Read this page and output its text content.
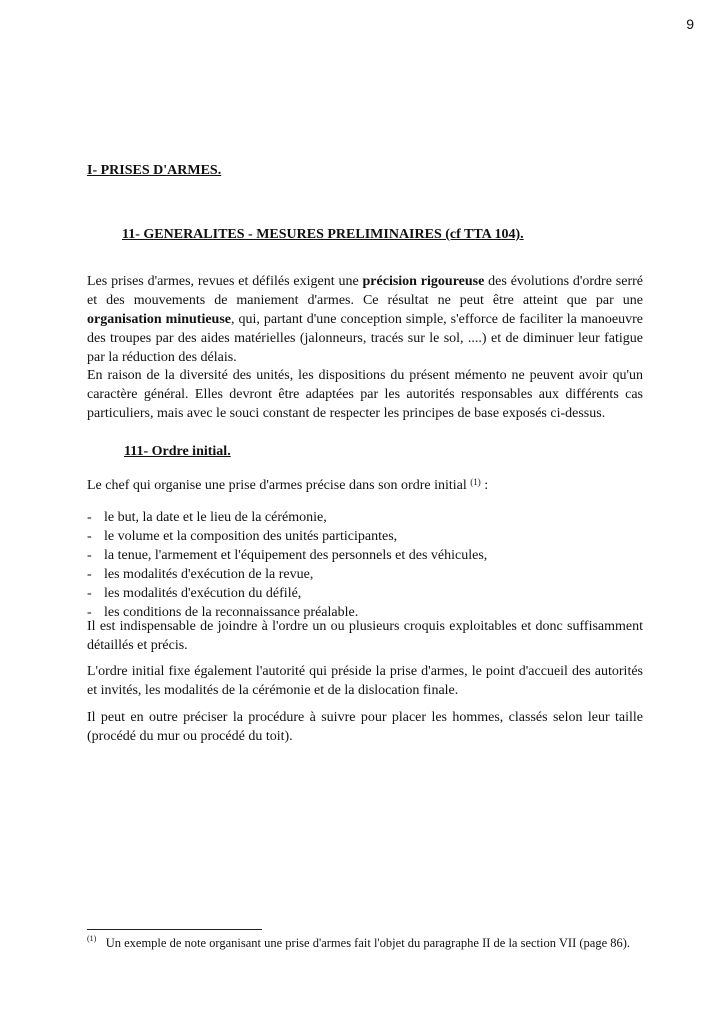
9
I- PRISES D'ARMES.
11- GENERALITES - MESURES PRELIMINAIRES (cf TTA 104).

Les prises d'armes, revues et défilés exigent une précision rigoureuse des évolutions d'ordre serré et des mouvements de maniement d'armes. Ce résultat ne peut être atteint que par une organisation minutieuse, qui, partant d'une conception simple, s'efforce de faciliter la manoeuvre des troupes par des aides matérielles (jalonneurs, tracés sur le sol, ....) et de diminuer leur fatigue par la réduction des délais.

En raison de la diversité des unités, les dispositions du présent mémento ne peuvent avoir qu'un caractère général. Elles devront être adaptées par les autorités responsables aux différents cas particuliers, mais avec le souci constant de respecter les principes de base exposés ci-dessus.

111- Ordre initial.

Le chef qui organise une prise d'armes précise dans son ordre initial $^{(1)}$ :

- le but, la date et le lieu de la cérémonie,
- le volume et la composition des unités participantes,
- la tenue, l'armement et l'équipement des personnels et des véhicules,
- les modalités d'exécution de la revue,
- les modalités d'exécution du défilé,
- les conditions de la reconnaissance préalable.

Il est indispensable de joindre à l'ordre un ou plusieurs croquis exploitables et donc suffisamment détaillés et précis.

L'ordre initial fixe également l'autorité qui préside la prise d'armes, le point d'accueil des autorités et invités, les modalités de la cérémonie et de la dislocation finale.

Il peut en outre préciser la procédure à suivre pour placer les hommes, classés selon leur taille (procédé du mur ou procédé du toit).

$^{(1)}$ Un exemple de note organisant une prise d'armes fait l'objet du paragraphe II de la section VII (page 86).
